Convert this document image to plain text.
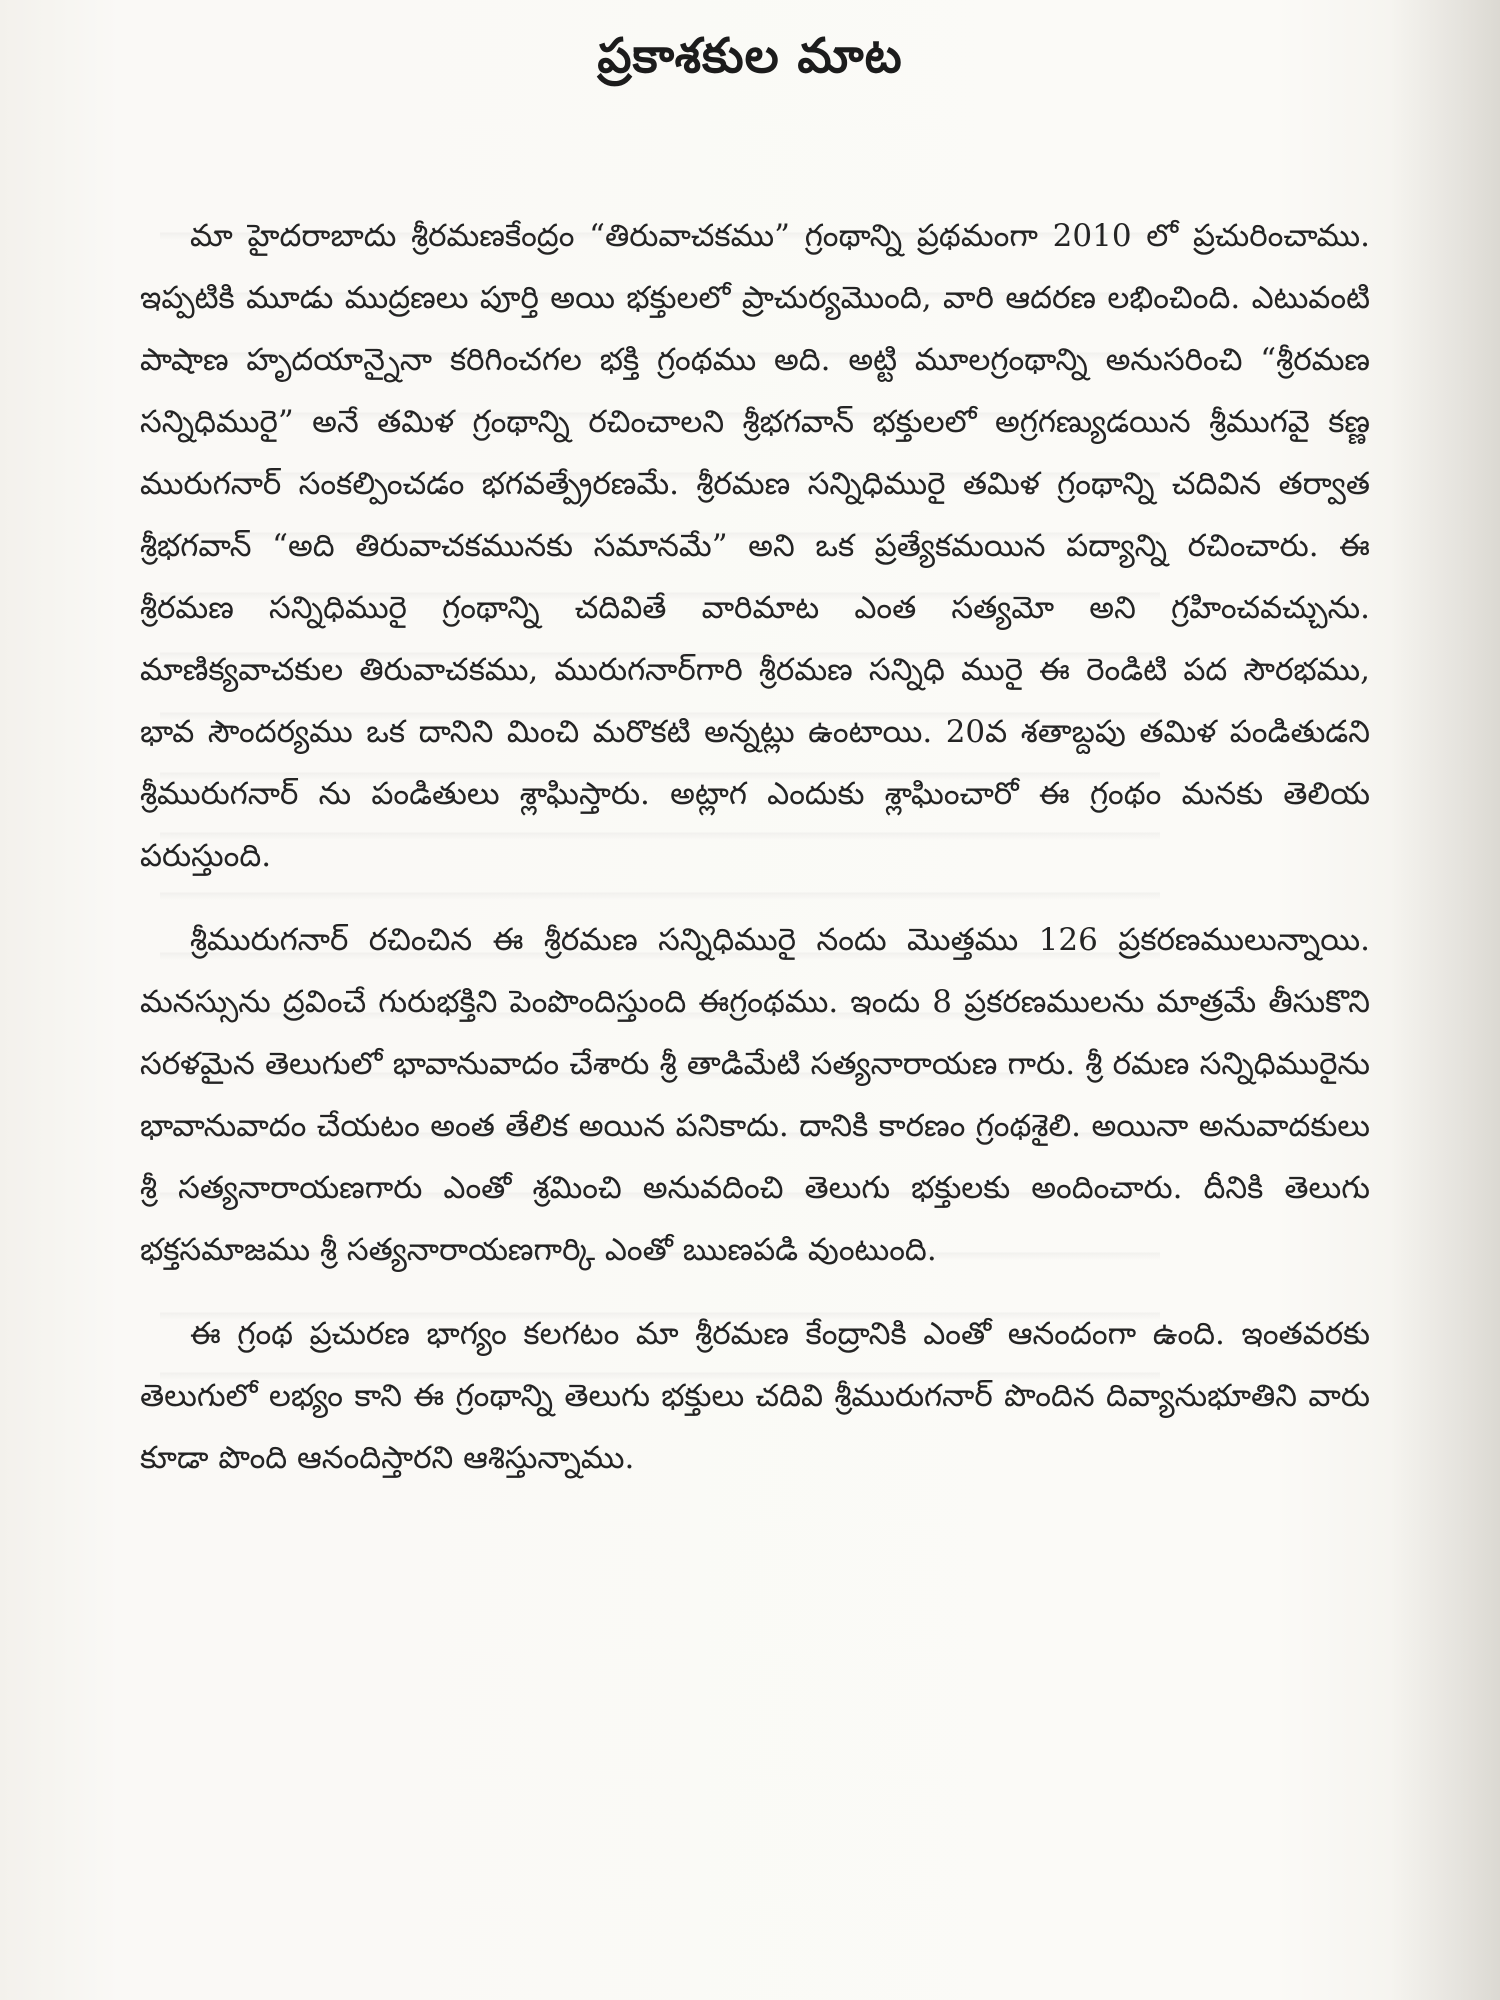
ప్రకాశకుల మాట

మా హైదరాబాదు శ్రీరమణకేంద్రం “తిరువాచకము” గ్రంథాన్ని ప్రథమంగా 2010 లో ప్రచురించాము. ఇప్పటికి మూడు ముద్రణలు పూర్తి అయి భక్తులలో ప్రాచుర్యమొంది, వారి ఆదరణ లభించింది. ఎటువంటి పాషాణ హృదయాన్నైనా కరిగించగల భక్తి గ్రంథము అది. అట్టి మూలగ్రంథాన్ని అనుసరించి “శ్రీరమణ సన్నిధిమురై” అనే తమిళ గ్రంథాన్ని రచించాలని శ్రీభగవాన్ భక్తులలో అగ్రగణ్యుడయిన శ్రీముగవై కణ్ణ మురుగనార్ సంకల్పించడం భగవత్ప్రేరణమే. శ్రీరమణ సన్నిధిమురై తమిళ గ్రంథాన్ని చదివిన తర్వాత శ్రీభగవాన్ “అది తిరువాచకమునకు సమానమే” అని ఒక ప్రత్యేకమయిన పద్యాన్ని రచించారు. ఈ శ్రీరమణ సన్నిధిమురై గ్రంథాన్ని చదివితే వారిమాట ఎంత సత్యమో అని గ్రహించవచ్చును. మాణిక్యవాచకుల తిరువాచకము, మురుగనార్‌గారి శ్రీరమణ సన్నిధి మురై ఈ రెండిటి పద సౌరభము, భావ సౌందర్యము ఒక దానిని మించి మరొకటి అన్నట్లు ఉంటాయి. 20వ శతాబ్దపు తమిళ పండితుడని శ్రీమురుగనార్ ను పండితులు శ్లాఘిస్తారు. అట్లాగ ఎందుకు శ్లాఘించారో ఈ గ్రంథం మనకు తెలియ పరుస్తుంది.

శ్రీమురుగనార్ రచించిన ఈ శ్రీరమణ సన్నిధిమురై నందు మొత్తము 126 ప్రకరణములున్నాయి. మనస్సును ద్రవించే గురుభక్తిని పెంపొందిస్తుంది ఈగ్రంథము. ఇందు 8 ప్రకరణములను మాత్రమే తీసుకొని సరళమైన తెలుగులో భావానువాదం చేశారు శ్రీ తాడిమేటి సత్యనారాయణ గారు. శ్రీ రమణ సన్నిధిమురైను భావానువాదం చేయటం అంత తేలిక అయిన పనికాదు. దానికి కారణం గ్రంథశైలి. అయినా అనువాదకులు శ్రీ సత్యనారాయణగారు ఎంతో శ్రమించి అనువదించి తెలుగు భక్తులకు అందించారు. దీనికి తెలుగు భక్తసమాజము శ్రీ సత్యనారాయణగార్కి ఎంతో ఋణపడి వుంటుంది.

ఈ గ్రంథ ప్రచురణ భాగ్యం కలగటం మా శ్రీరమణ కేంద్రానికి ఎంతో ఆనందంగా ఉంది. ఇంతవరకు తెలుగులో లభ్యం కాని ఈ గ్రంథాన్ని తెలుగు భక్తులు చదివి శ్రీమురుగనార్ పొందిన దివ్యానుభూతిని వారు కూడా పొంది ఆనందిస్తారని ఆశిస్తున్నాము.
